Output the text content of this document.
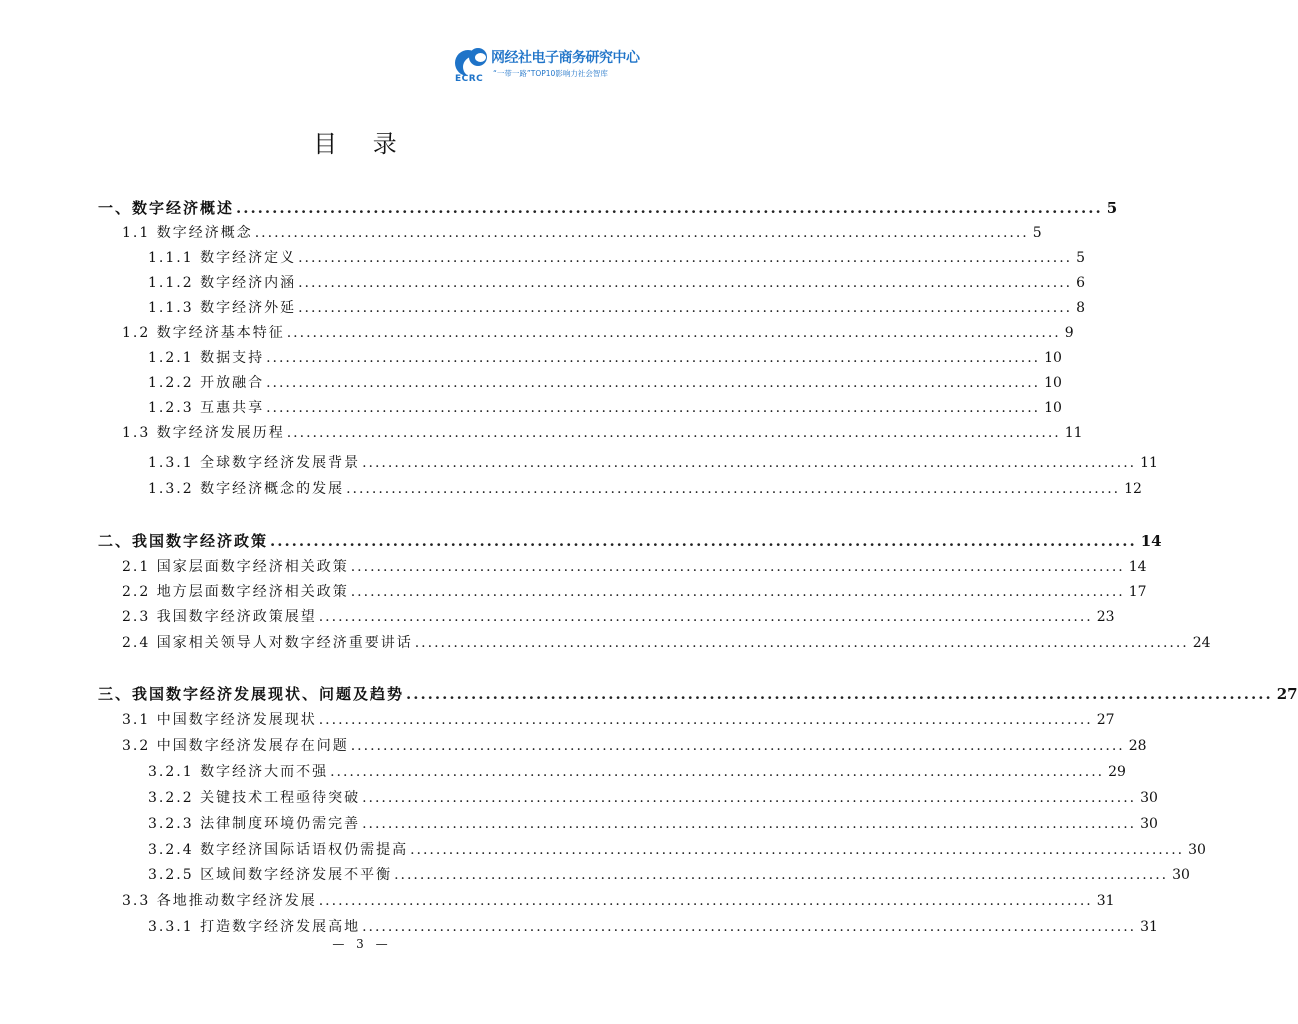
ECRC
网经社电子商务研究中心
“一带一路”TOP10影响力社会智库
目 录
一、数字经济概述 ........................................................................................................................ 5
1.1 数字经济概念 ........................................................................................................................ 5
1.1.1 数字经济定义 ........................................................................................................................ 5
1.1.2 数字经济内涵 ........................................................................................................................ 6
1.1.3 数字经济外延 ........................................................................................................................ 8
1.2 数字经济基本特征 ........................................................................................................................ 9
1.2.1 数据支持 ........................................................................................................................ 10
1.2.2 开放融合 ........................................................................................................................ 10
1.2.3 互惠共享 ........................................................................................................................ 10
1.3 数字经济发展历程 ........................................................................................................................ 11
1.3.1 全球数字经济发展背景 ........................................................................................................................ 11
1.3.2 数字经济概念的发展 ........................................................................................................................ 12
二、我国数字经济政策 ........................................................................................................................ 14
2.1 国家层面数字经济相关政策 ........................................................................................................................ 14
2.2 地方层面数字经济相关政策 ........................................................................................................................ 17
2.3 我国数字经济政策展望 ........................................................................................................................ 23
2.4 国家相关领导人对数字经济重要讲话 ........................................................................................................................ 24
三、我国数字经济发展现状、问题及趋势 ........................................................................................................................ 27
3.1 中国数字经济发展现状 ........................................................................................................................ 27
3.2 中国数字经济发展存在问题 ........................................................................................................................ 28
3.2.1 数字经济大而不强 ........................................................................................................................ 29
3.2.2 关键技术工程亟待突破 ........................................................................................................................ 30
3.2.3 法律制度环境仍需完善 ........................................................................................................................ 30
3.2.4 数字经济国际话语权仍需提高 ........................................................................................................................ 30
3.2.5 区域间数字经济发展不平衡 ........................................................................................................................ 30
3.3 各地推动数字经济发展 ........................................................................................................................ 31
3.3.1 打造数字经济发展高地 ........................................................................................................................ 31
— 3 —
